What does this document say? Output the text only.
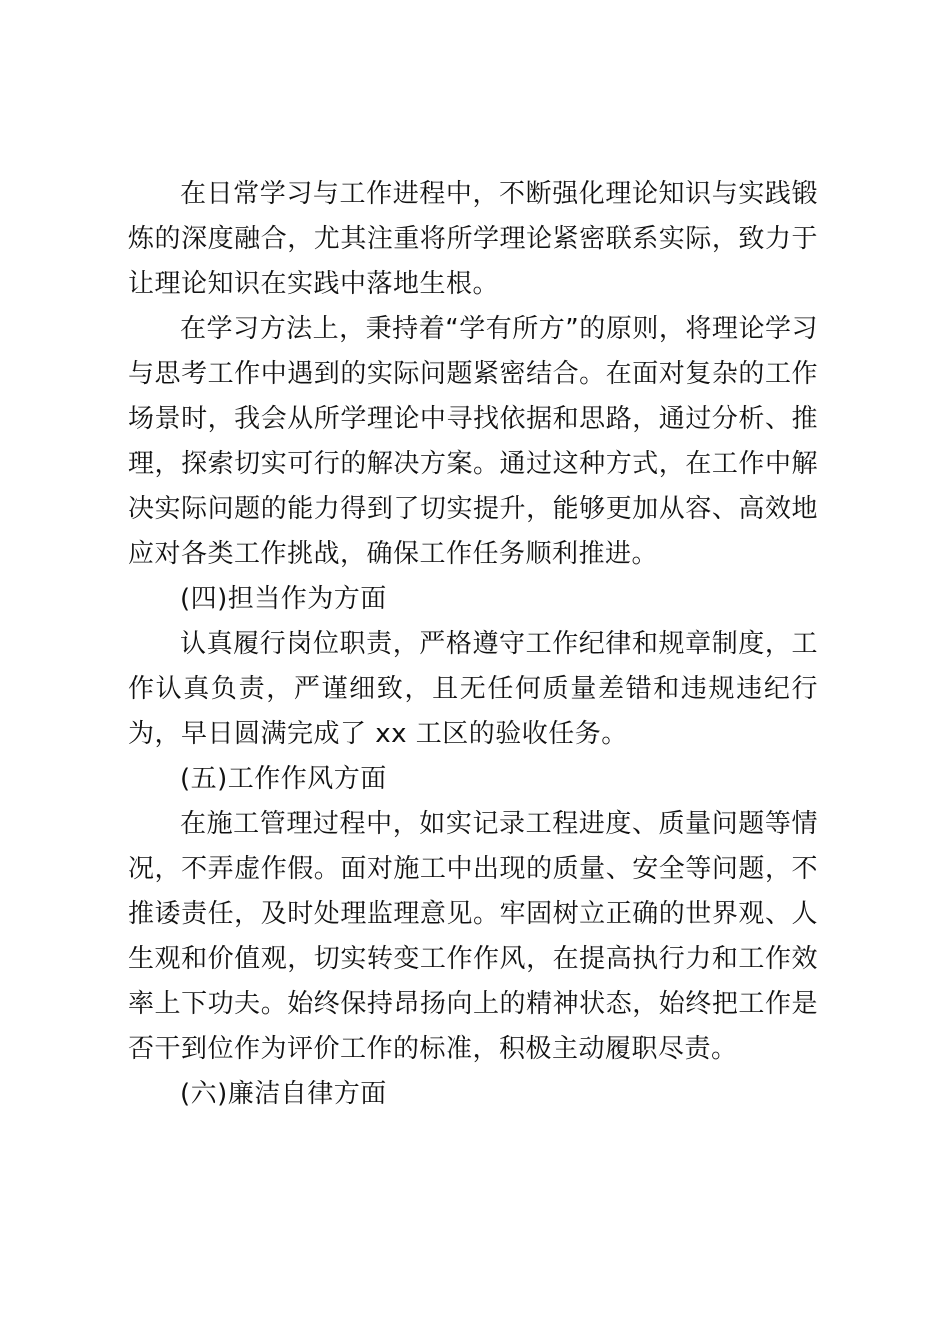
在日常学习与工作进程中，不断强化理论知识与实践锻炼的深度融合，尤其注重将所学理论紧密联系实际，致力于让理论知识在实践中落地生根。

在学习方法上，秉持着“学有所方”的原则，将理论学习与思考工作中遇到的实际问题紧密结合。在面对复杂的工作场景时，我会从所学理论中寻找依据和思路，通过分析、推理，探索切实可行的解决方案。通过这种方式，在工作中解决实际问题的能力得到了切实提升，能够更加从容、高效地应对各类工作挑战，确保工作任务顺利推进。

(四)担当作为方面

认真履行岗位职责，严格遵守工作纪律和规章制度，工作认真负责，严谨细致，且无任何质量差错和违规违纪行为，早日圆满完成了 xx 工区的验收任务。

(五)工作作风方面

在施工管理过程中，如实记录工程进度、质量问题等情况，不弄虚作假。面对施工中出现的质量、安全等问题，不推诿责任，及时处理监理意见。牢固树立正确的世界观、人生观和价值观，切实转变工作作风，在提高执行力和工作效率上下功夫。始终保持昂扬向上的精神状态，始终把工作是否干到位作为评价工作的标准，积极主动履职尽责。

(六)廉洁自律方面
